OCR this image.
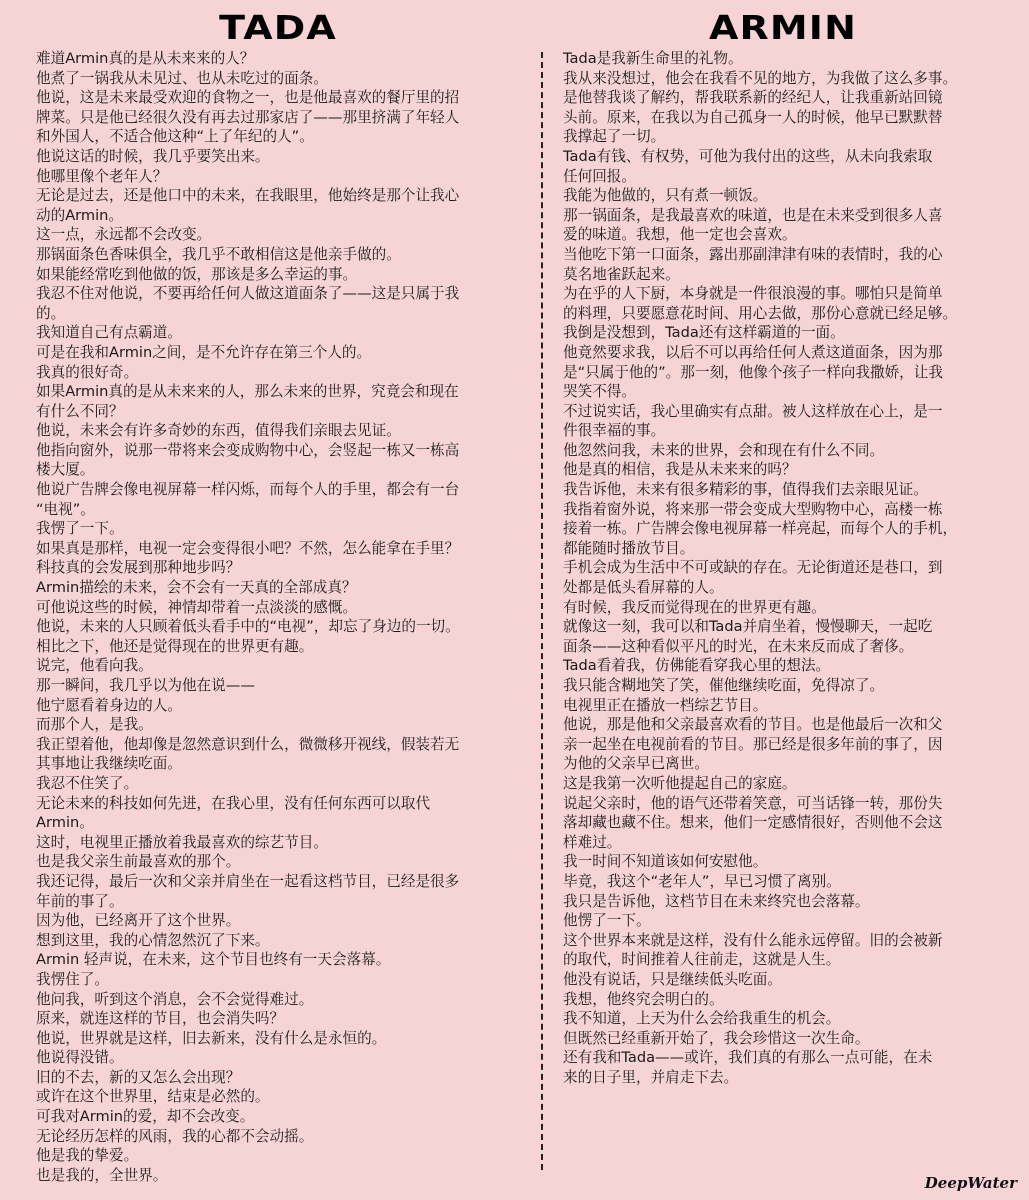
TADA
难道Armin真的是从未来来的人？
他煮了一锅我从未见过、也从未吃过的面条。
他说，这是未来最受欢迎的食物之一，也是他最喜欢的餐厅里的招
牌菜。只是他已经很久没有再去过那家店了——那里挤满了年轻人
和外国人，不适合他这种“上了年纪的人”。
他说这话的时候，我几乎要笑出来。
他哪里像个老年人？
无论是过去，还是他口中的未来，在我眼里，他始终是那个让我心
动的Armin。
这一点，永远都不会改变。
那锅面条色香味俱全，我几乎不敢相信这是他亲手做的。
如果能经常吃到他做的饭，那该是多么幸运的事。
我忍不住对他说，不要再给任何人做这道面条了——这是只属于我
的。
我知道自己有点霸道。
可是在我和Armin之间，是不允许存在第三个人的。
我真的很好奇。
如果Armin真的是从未来来的人，那么未来的世界，究竟会和现在
有什么不同？
他说，未来会有许多奇妙的东西，值得我们亲眼去见证。
他指向窗外，说那一带将来会变成购物中心，会竖起一栋又一栋高
楼大厦。
他说广告牌会像电视屏幕一样闪烁，而每个人的手里，都会有一台
“电视”。
我愣了一下。
如果真是那样，电视一定会变得很小吧？不然，怎么能拿在手里？
科技真的会发展到那种地步吗？
Armin描绘的未来，会不会有一天真的全部成真？
可他说这些的时候，神情却带着一点淡淡的感慨。
他说，未来的人只顾着低头看手中的“电视”，却忘了身边的一切。
相比之下，他还是觉得现在的世界更有趣。
说完，他看向我。
那一瞬间，我几乎以为他在说——
他宁愿看着身边的人。
而那个人，是我。
我正望着他，他却像是忽然意识到什么，微微移开视线，假装若无
其事地让我继续吃面。
我忍不住笑了。
无论未来的科技如何先进，在我心里，没有任何东西可以取代
Armin。
这时，电视里正播放着我最喜欢的综艺节目。
也是我父亲生前最喜欢的那个。
我还记得，最后一次和父亲并肩坐在一起看这档节目，已经是很多
年前的事了。
因为他，已经离开了这个世界。
想到这里，我的心情忽然沉了下来。
Armin 轻声说，在未来，这个节目也终有一天会落幕。
我愣住了。
他问我，听到这个消息，会不会觉得难过。
原来，就连这样的节目，也会消失吗？
他说，世界就是这样，旧去新来，没有什么是永恒的。
他说得没错。
旧的不去，新的又怎么会出现？
或许在这个世界里，结束是必然的。
可我对Armin的爱，却不会改变。
无论经历怎样的风雨，我的心都不会动摇。
他是我的挚爱。
也是我的，全世界。
ARMIN
Tada是我新生命里的礼物。
我从来没想过，他会在我看不见的地方，为我做了这么多事。
是他替我谈了解约，帮我联系新的经纪人，让我重新站回镜
头前。原来，在我以为自己孤身一人的时候，他早已默默替
我撑起了一切。
Tada有钱、有权势，可他为我付出的这些，从未向我索取
任何回报。
我能为他做的，只有煮一顿饭。
那一锅面条，是我最喜欢的味道，也是在未来受到很多人喜
爱的味道。我想，他一定也会喜欢。
当他吃下第一口面条，露出那副津津有味的表情时，我的心
莫名地雀跃起来。
为在乎的人下厨，本身就是一件很浪漫的事。哪怕只是简单
的料理，只要愿意花时间、用心去做，那份心意就已经足够。
我倒是没想到，Tada还有这样霸道的一面。
他竟然要求我，以后不可以再给任何人煮这道面条，因为那
是“只属于他的”。那一刻，他像个孩子一样向我撒娇，让我
哭笑不得。
不过说实话，我心里确实有点甜。被人这样放在心上，是一
件很幸福的事。
他忽然问我，未来的世界，会和现在有什么不同。
他是真的相信，我是从未来来的吗？
我告诉他，未来有很多精彩的事，值得我们去亲眼见证。
我指着窗外说，将来那一带会变成大型购物中心，高楼一栋
接着一栋。广告牌会像电视屏幕一样亮起，而每个人的手机，
都能随时播放节目。
手机会成为生活中不可或缺的存在。无论街道还是巷口，到
处都是低头看屏幕的人。
有时候，我反而觉得现在的世界更有趣。
就像这一刻，我可以和Tada并肩坐着，慢慢聊天，一起吃
面条——这种看似平凡的时光，在未来反而成了奢侈。
Tada看着我，仿佛能看穿我心里的想法。
我只能含糊地笑了笑，催他继续吃面，免得凉了。
电视里正在播放一档综艺节目。
他说，那是他和父亲最喜欢看的节目。也是他最后一次和父
亲一起坐在电视前看的节目。那已经是很多年前的事了，因
为他的父亲早已离世。
这是我第一次听他提起自己的家庭。
说起父亲时，他的语气还带着笑意，可当话锋一转，那份失
落却藏也藏不住。想来，他们一定感情很好，否则他不会这
样难过。
我一时间不知道该如何安慰他。
毕竟，我这个“老年人”，早已习惯了离别。
我只是告诉他，这档节目在未来终究也会落幕。
他愣了一下。
这个世界本来就是这样，没有什么能永远停留。旧的会被新
的取代，时间推着人往前走，这就是人生。
他没有说话，只是继续低头吃面。
我想，他终究会明白的。
我不知道，上天为什么会给我重生的机会。
但既然已经重新开始了，我会珍惜这一次生命。
还有我和Tada——或许，我们真的有那么一点可能，在未
来的日子里，并肩走下去。
DeepWater
